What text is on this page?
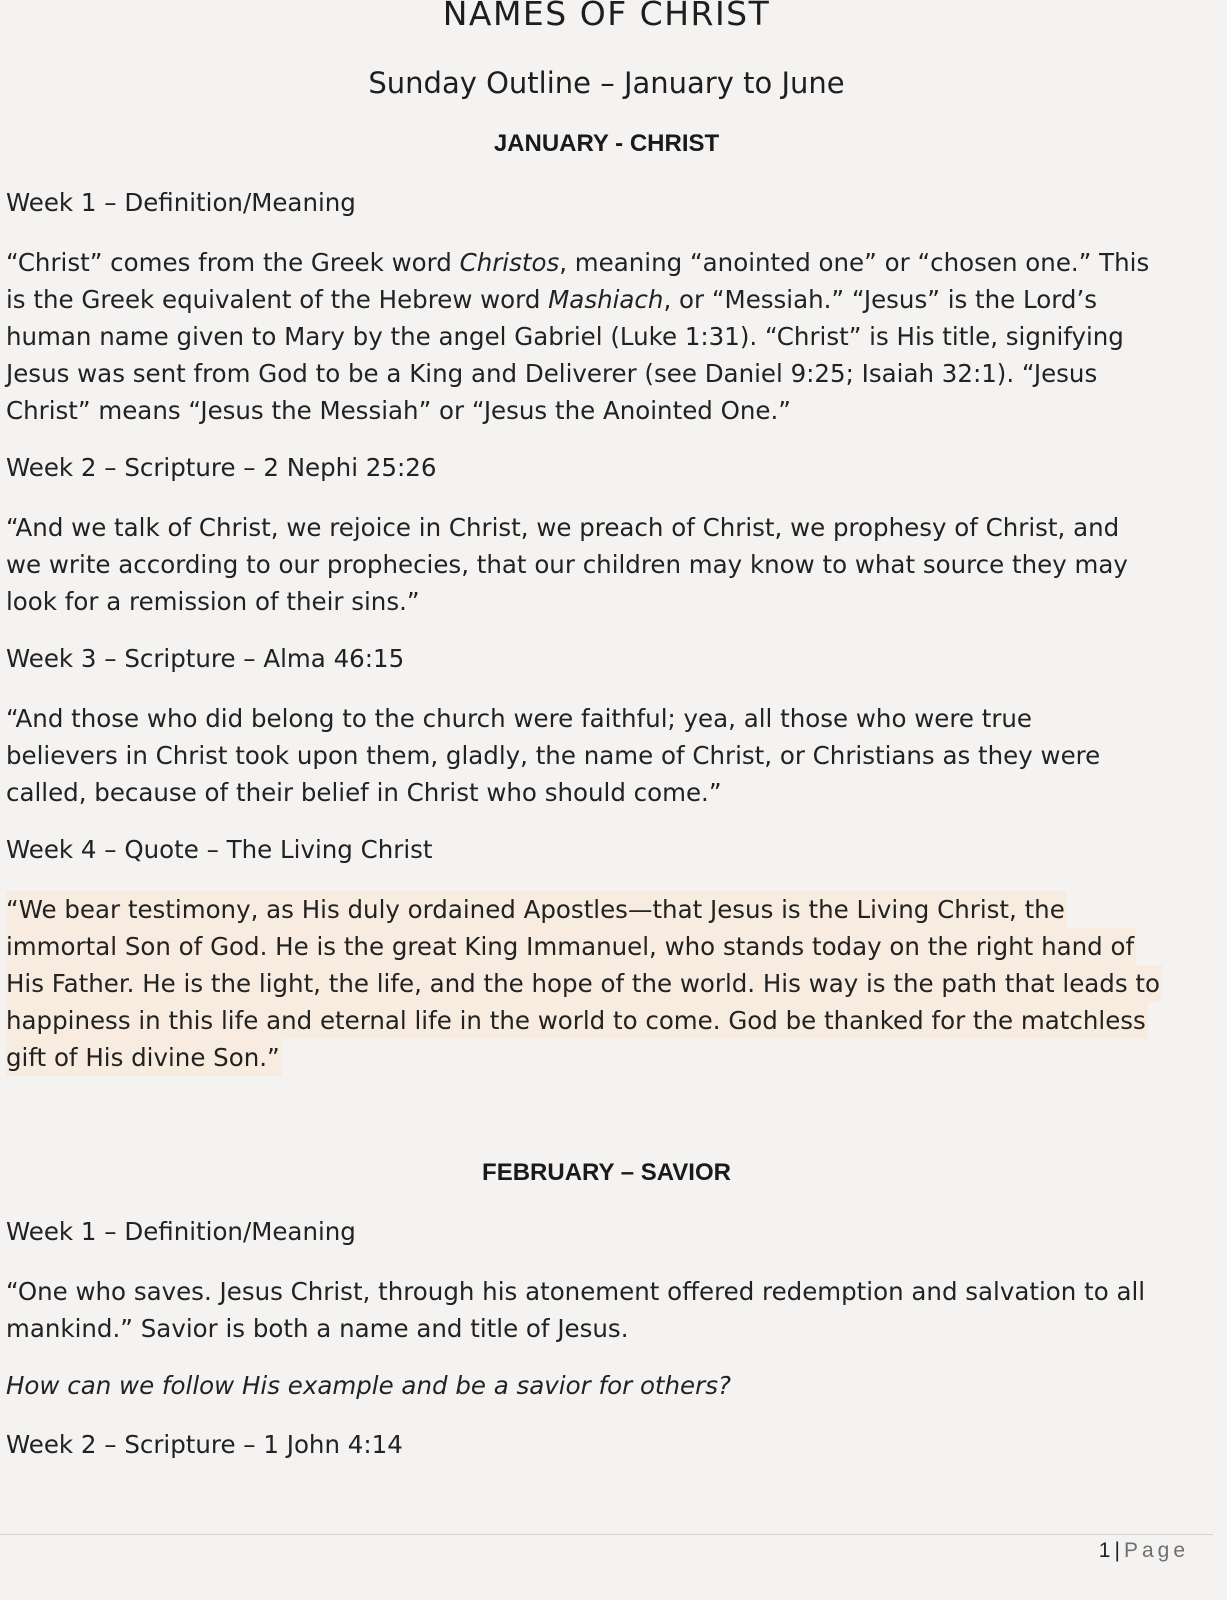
NAMES OF CHRIST
Sunday Outline – January to June
JANUARY - CHRIST
Week 1 – Definition/Meaning
“Christ” comes from the Greek word Christos, meaning “anointed one” or “chosen one.” This
is the Greek equivalent of the Hebrew word Mashiach, or “Messiah.” “Jesus” is the Lord’s
human name given to Mary by the angel Gabriel (Luke 1:31). “Christ” is His title, signifying
Jesus was sent from God to be a King and Deliverer (see Daniel 9:25; Isaiah 32:1). “Jesus
Christ” means “Jesus the Messiah” or “Jesus the Anointed One.”
Week 2 – Scripture – 2 Nephi 25:26
“And we talk of Christ, we rejoice in Christ, we preach of Christ, we prophesy of Christ, and
we write according to our prophecies, that our children may know to what source they may
look for a remission of their sins.”
Week 3 – Scripture – Alma 46:15
“And those who did belong to the church were faithful; yea, all those who were true
believers in Christ took upon them, gladly, the name of Christ, or Christians as they were
called, because of their belief in Christ who should come.”
Week 4 – Quote – The Living Christ
“We bear testimony, as His duly ordained Apostles—that Jesus is the Living Christ, the
immortal Son of God. He is the great King Immanuel, who stands today on the right hand of
His Father. He is the light, the life, and the hope of the world. His way is the path that leads to
happiness in this life and eternal life in the world to come. God be thanked for the matchless
gift of His divine Son.”
FEBRUARY – SAVIOR
Week 1 – Definition/Meaning
“One who saves. Jesus Christ, through his atonement offered redemption and salvation to all
mankind.” Savior is both a name and title of Jesus.
How can we follow His example and be a savior for others?
Week 2 – Scripture – 1 John 4:14
1 | Page
